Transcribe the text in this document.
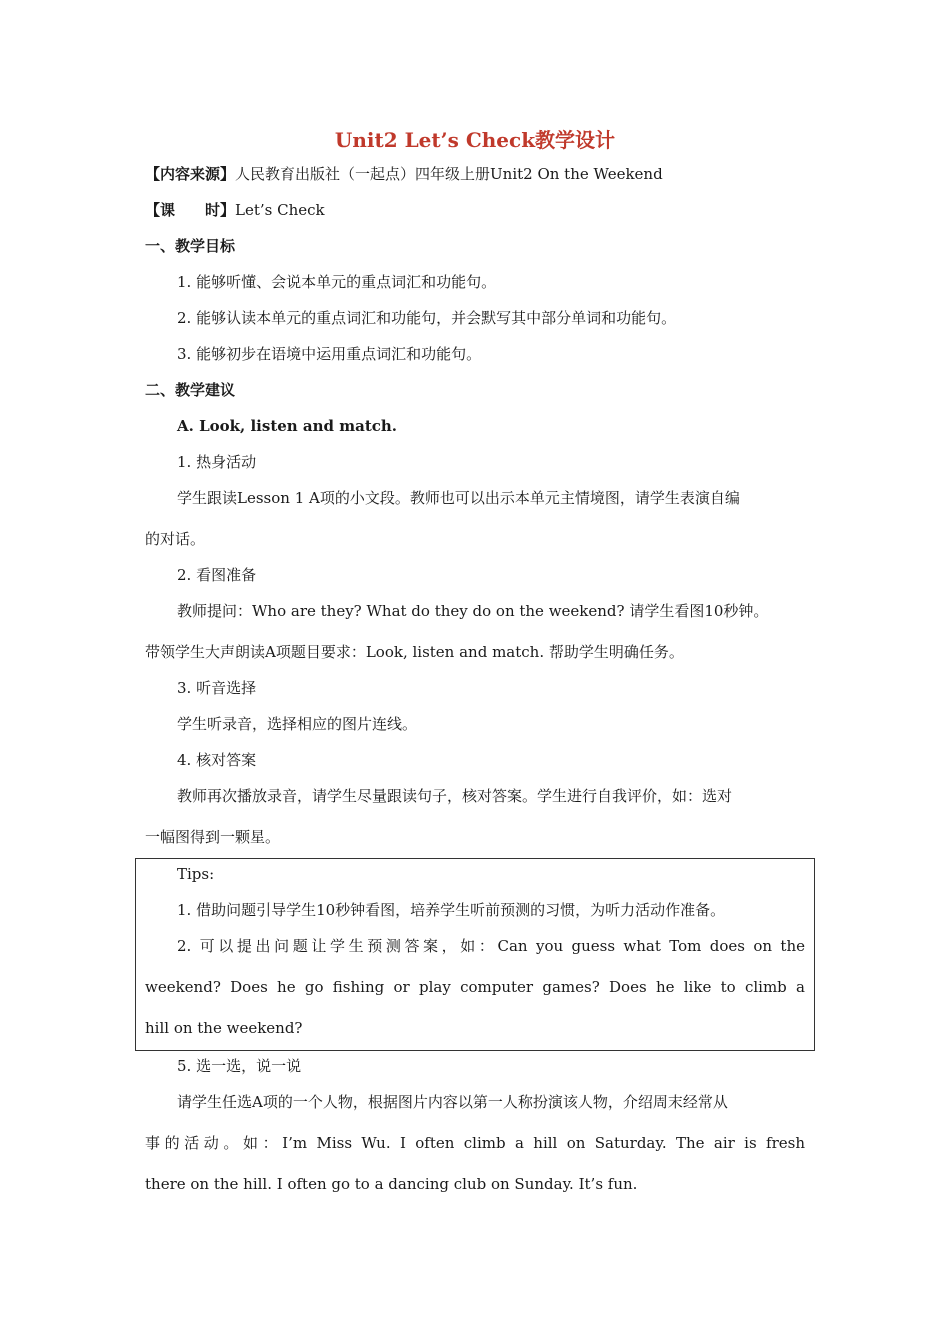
Unit2 Let’s Check教学设计
【内容来源】人民教育出版社（一起点）四年级上册Unit2 On the Weekend
【课　　时】Let’s Check
一、教学目标
1. 能够听懂、会说本单元的重点词汇和功能句。
2. 能够认读本单元的重点词汇和功能句，并会默写其中部分单词和功能句。
3. 能够初步在语境中运用重点词汇和功能句。
二、教学建议
A. Look, listen and match.
1. 热身活动
学生跟读Lesson 1 A项的小文段。教师也可以出示本单元主情境图，请学生表演自编
的对话。
2. 看图准备
教师提问：Who are they? What do they do on the weekend? 请学生看图10秒钟。
带领学生大声朗读A项题目要求：Look, listen and match. 帮助学生明确任务。
3. 听音选择
学生听录音，选择相应的图片连线。
4. 核对答案
教师再次播放录音，请学生尽量跟读句子，核对答案。学生进行自我评价，如：选对
一幅图得到一颗星。
Tips:
1. 借助问题引导学生10秒钟看图，培养学生听前预测的习惯，为听力活动作准备。
2. 可以提出问题让学生预测答案，如：Can you guess what Tom does on the
weekend? Does he go fishing or play computer games? Does he like to climb a
hill on the weekend?
5. 选一选，说一说
请学生任选A项的一个人物，根据图片内容以第一人称扮演该人物，介绍周末经常从
事的活动。如：I’m Miss Wu. I often climb a hill on Saturday. The air is fresh
there on the hill. I often go to a dancing club on Sunday. It’s fun.
